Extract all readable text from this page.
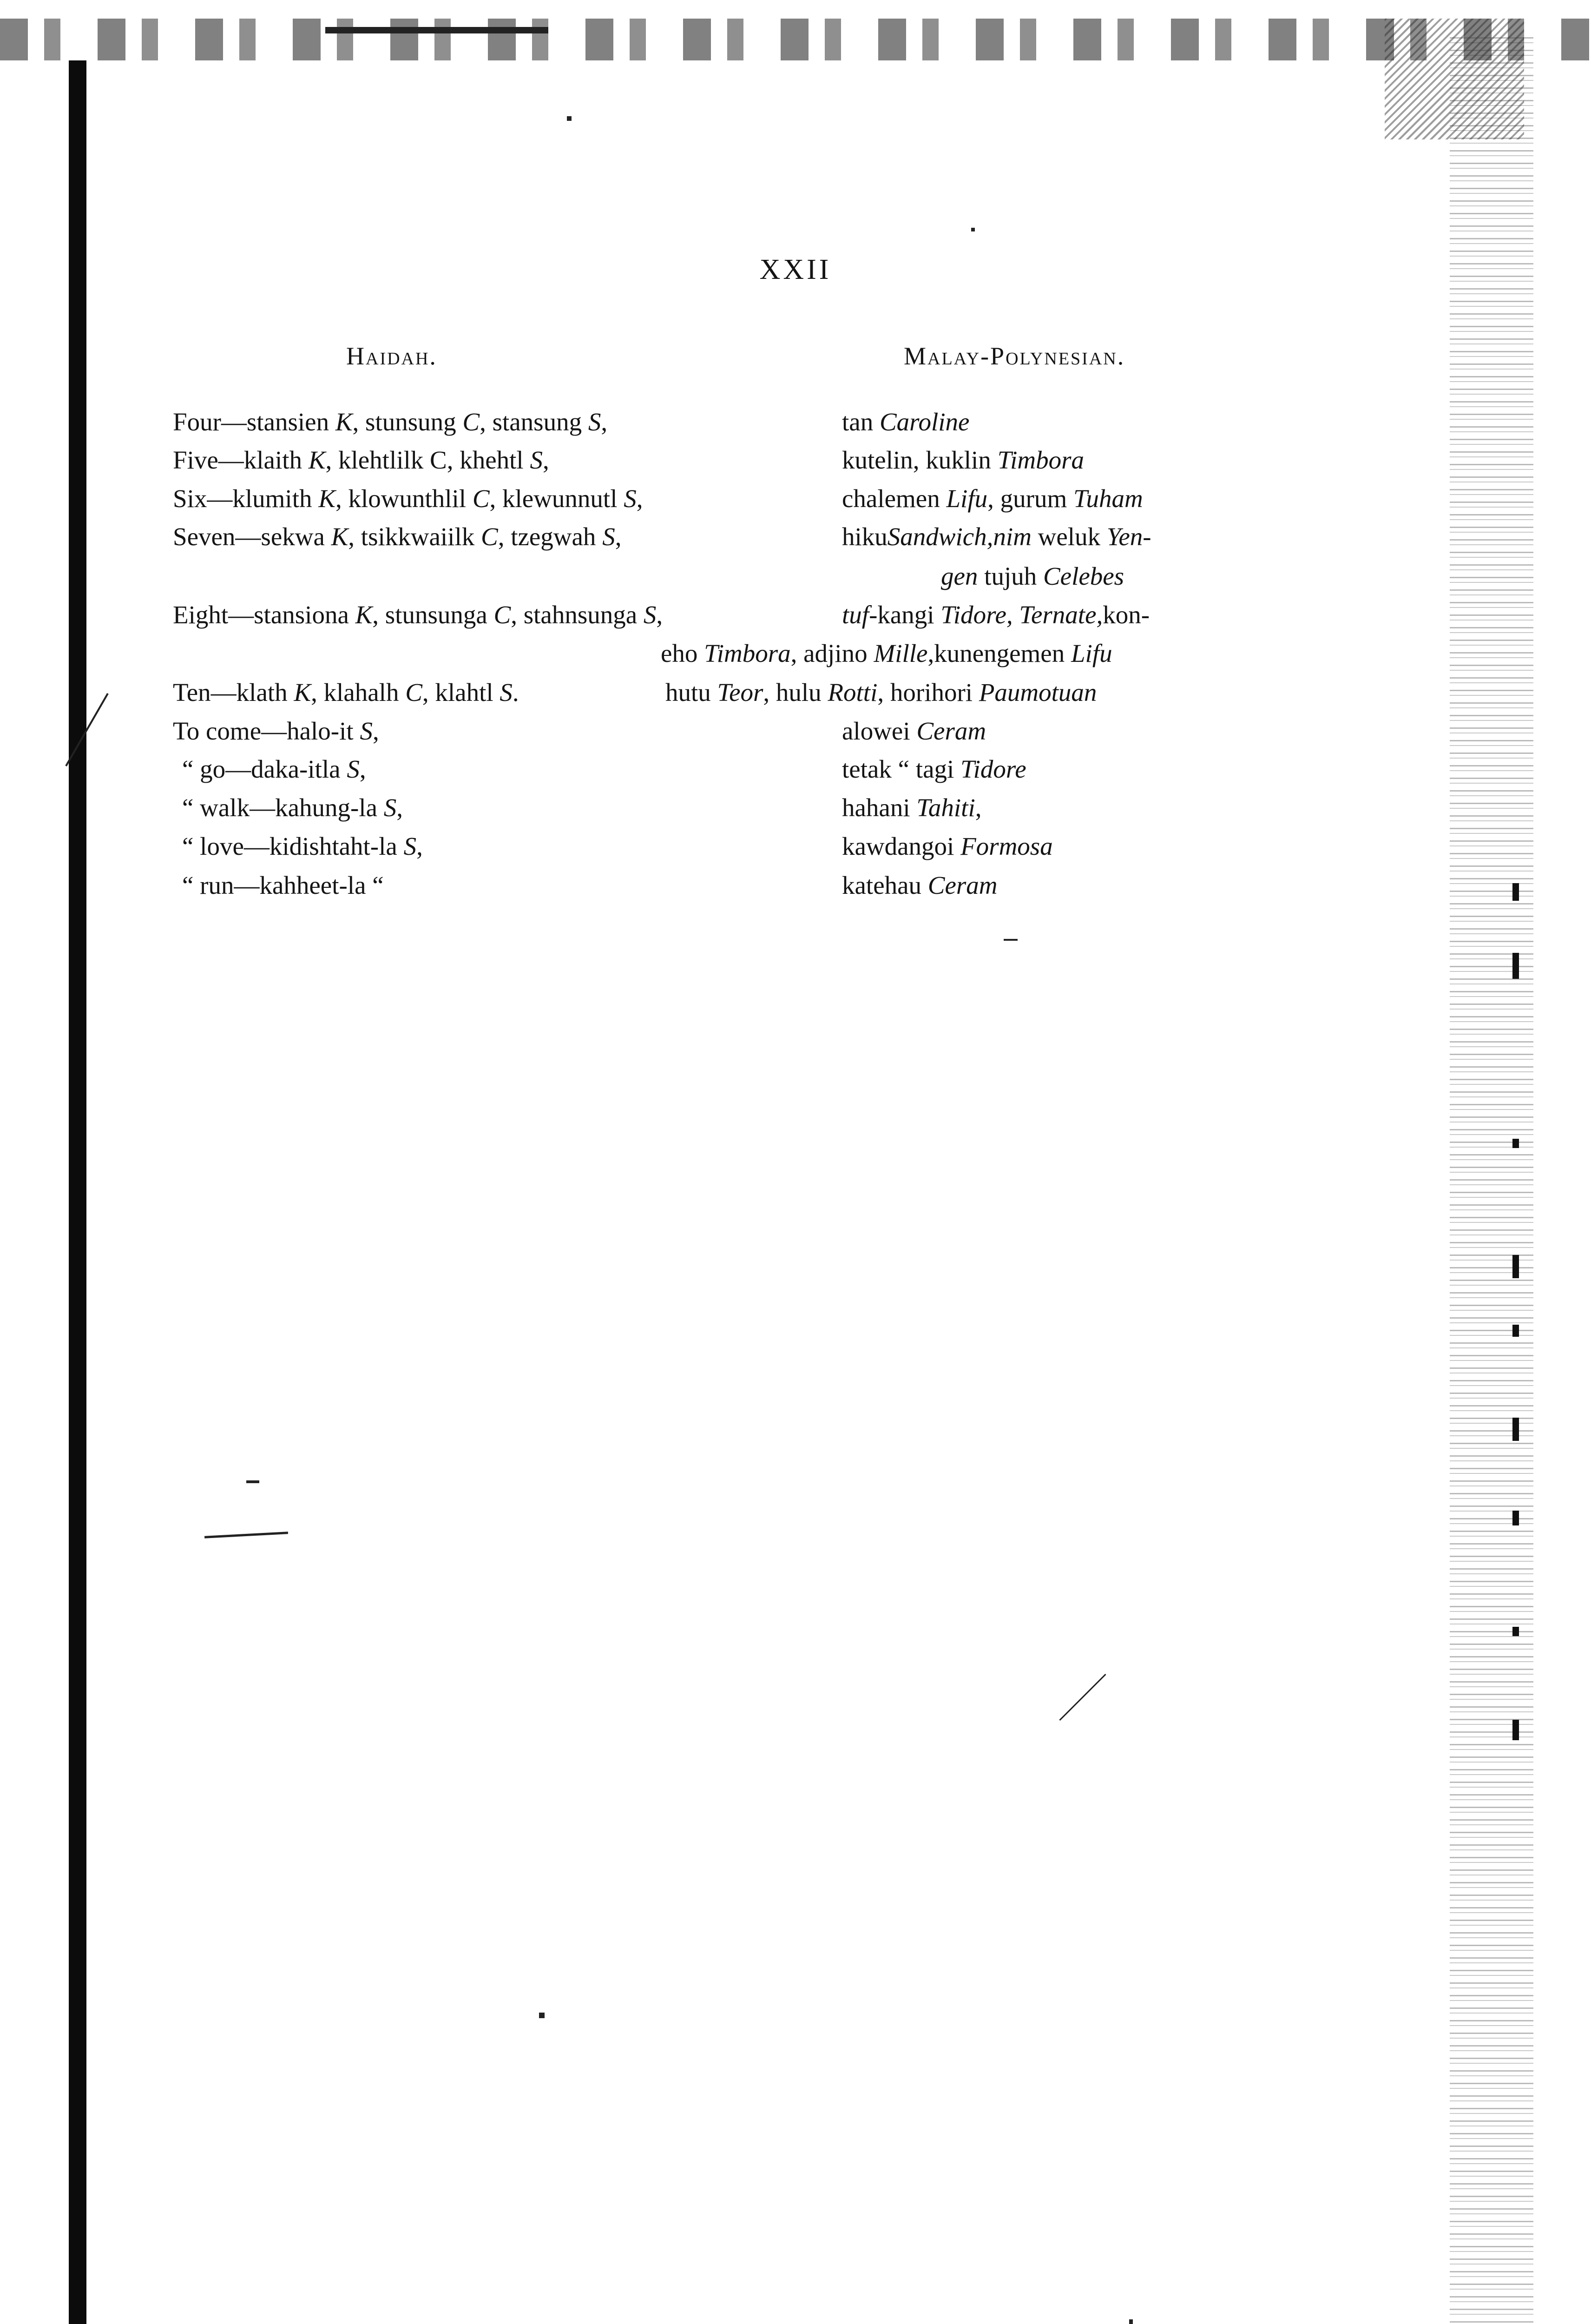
XXII
Haidah.	Malay-Polynesian.
Four—stansien K, stunsung C, stansung S,
Five—klaith K, klehtlilk C, khehtl S,
Six—klumith K, klowunthlil C, klewunnutl S,
Seven—sekwa K, tsikkwaiilk C, tzegwah S,
Eight—stansiona K, stunsunga C, stahnsunga S,
Ten—klath K, klahalh C, klahtl S.
To come—halo-it S,
“ go—daka-itla S,
“ walk—kahung-la S,
“ love—kidishtaht-la S,
“ run—kahheet-la “
tan Caroline
kutelin, kuklin Timbora
chalemen Lifu, gurum Tuham
hikuSandwich,nim weluk Yen-
gen tujuh Celebes
tuf-kangi Tidore, Ternate,kon-
eho Timbora, adjino Mille,kunengemen Lifu
hutu Teor, hulu Rotti, horihori Paumotuan
alowei Ceram
tetak “ tagi Tidore
hahani Tahiti,
kawdangoi Formosa
katehau Ceram
